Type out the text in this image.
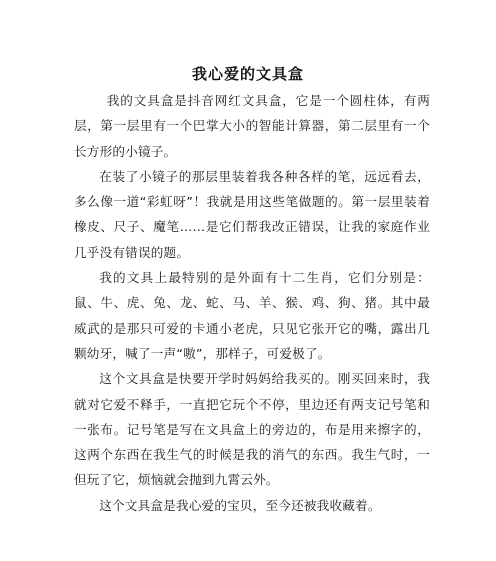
我心爱的文具盒

我的文具盒是抖音网红文具盒，它是一个圆柱体，有两层，第一层里有一个巴掌大小的智能计算器，第二层里有一个长方形的小镜子。

在装了小镜子的那层里装着我各种各样的笔，远远看去，多么像一道“彩虹呀”！我就是用这些笔做题的。第一层里装着橡皮、尺子、魔笔……是它们帮我改正错误，让我的家庭作业几乎没有错误的题。

我的文具上最特别的是外面有十二生肖，它们分别是：鼠、牛、虎、兔、龙、蛇、马、羊、猴、鸡、狗、猪。其中最威武的是那只可爱的卡通小老虎，只见它张开它的嘴，露出几颗幼牙，喊了一声“嗷”，那样子，可爱极了。

这个文具盒是快要开学时妈妈给我买的。刚买回来时，我就对它爱不释手，一直把它玩个不停，里边还有两支记号笔和一张布。记号笔是写在文具盒上的旁边的，布是用来擦字的，这两个东西在我生气的时候是我的消气的东西。我生气时，一但玩了它，烦恼就会抛到九霄云外。

这个文具盒是我心爱的宝贝，至今还被我收藏着。
